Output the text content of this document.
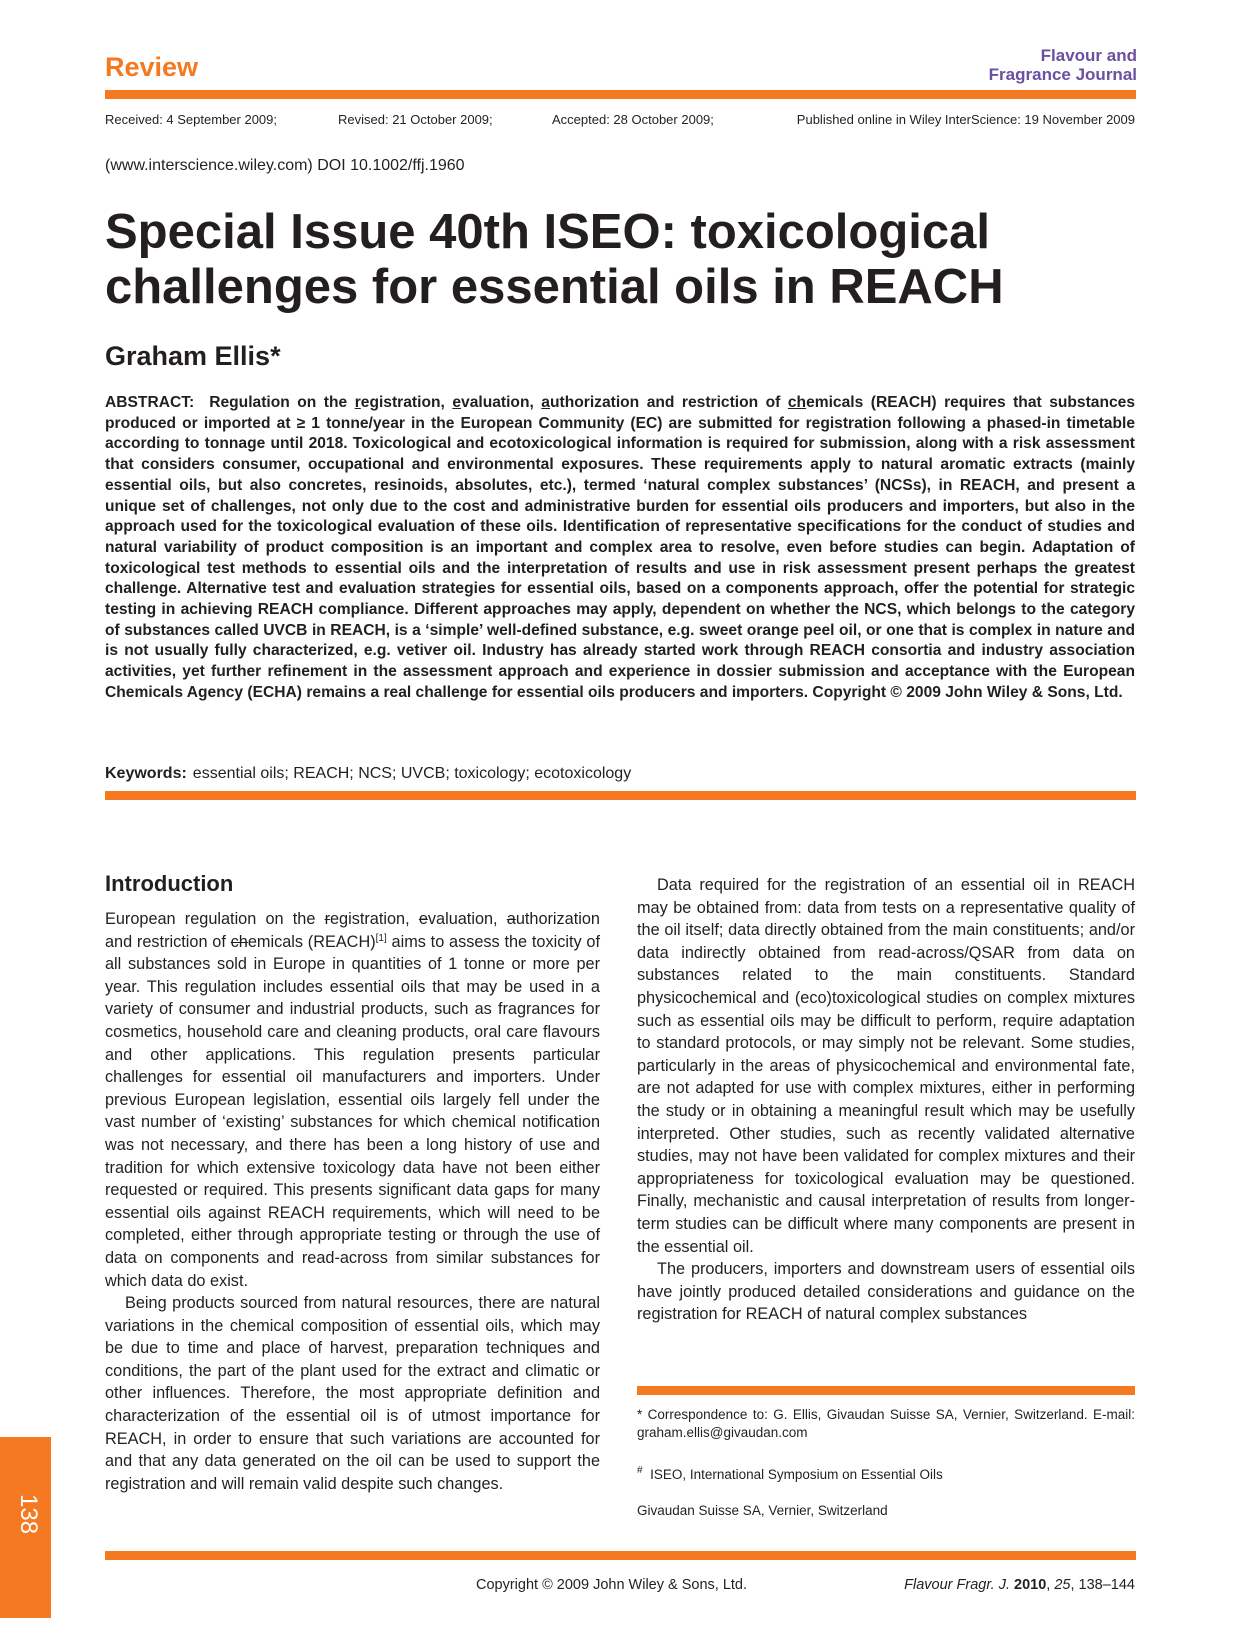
Review	Flavour and
Fragrance Journal
Received: 4 September 2009;	Revised: 21 October 2009;	Accepted: 28 October 2009;	Published online in Wiley InterScience: 19 November 2009
(www.interscience.wiley.com) DOI 10.1002/ffj.1960
Special Issue 40th ISEO: toxicological
challenges for essential oils in REACH
Graham Ellis*
ABSTRACT: Regulation on the registration, evaluation, authorization and restriction of chemicals (REACH) requires that substances produced or imported at ≥ 1 tonne/year in the European Community (EC) are submitted for registration following a phased-in timetable according to tonnage until 2018. Toxicological and ecotoxicological information is required for submission, along with a risk assessment that considers consumer, occupational and environmental exposures. These requirements apply to natural aromatic extracts (mainly essential oils, but also concretes, resinoids, absolutes, etc.), termed ‘natural complex substances’ (NCSs), in REACH, and present a unique set of challenges, not only due to the cost and administrative burden for essential oils producers and importers, but also in the approach used for the toxicological evaluation of these oils. Identification of representative specifications for the conduct of studies and natural variability of product composition is an important and complex area to resolve, even before studies can begin. Adaptation of toxicological test methods to essential oils and the interpretation of results and use in risk assessment present perhaps the greatest challenge. Alternative test and evaluation strategies for essential oils, based on a components approach, offer the potential for strategic testing in achieving REACH compliance. Different approaches may apply, dependent on whether the NCS, which belongs to the category of substances called UVCB in REACH, is a ‘simple’ well-defined substance, e.g. sweet orange peel oil, or one that is complex in nature and is not usually fully characterized, e.g. vetiver oil. Industry has already started work through REACH consortia and industry association activities, yet further refinement in the assessment approach and experience in dossier submission and acceptance with the European Chemicals Agency (ECHA) remains a real challenge for essential oils producers and importers. Copyright © 2009 John Wiley & Sons, Ltd.
Keywords: essential oils; REACH; NCS; UVCB; toxicology; ecotoxicology
Introduction

European regulation on the registration, evaluation, authorization and restriction of chemicals (REACH)[1] aims to assess the toxicity of all substances sold in Europe in quantities of 1 tonne or more per year. This regulation includes essential oils that may be used in a variety of consumer and industrial products, such as fragrances for cosmetics, household care and cleaning products, oral care flavours and other applications. This regulation presents particular challenges for essential oil manufacturers and importers. Under previous European legislation, essential oils largely fell under the vast number of ‘existing’ substances for which chemical notification was not necessary, and there has been a long history of use and tradition for which extensive toxicology data have not been either requested or required. This presents significant data gaps for many essential oils against REACH requirements, which will need to be completed, either through appropriate testing or through the use of data on components and read-across from similar substances for which data do exist.

Being products sourced from natural resources, there are natural variations in the chemical composition of essential oils, which may be due to time and place of harvest, preparation techniques and conditions, the part of the plant used for the extract and climatic or other influences. Therefore, the most appropriate definition and characterization of the essential oil is of utmost importance for REACH, in order to ensure that such variations are accounted for and that any data generated on the oil can be used to support the registration and will remain valid despite such changes.

Data required for the registration of an essential oil in REACH may be obtained from: data from tests on a representative quality of the oil itself; data directly obtained from the main constituents; and/or data indirectly obtained from read-across/QSAR from data on substances related to the main constituents. Standard physicochemical and (eco)toxicological studies on complex mixtures such as essential oils may be difficult to perform, require adaptation to standard protocols, or may simply not be relevant. Some studies, particularly in the areas of physicochemical and environmental fate, are not adapted for use with complex mixtures, either in performing the study or in obtaining a meaningful result which may be usefully interpreted. Other studies, such as recently validated alternative studies, may not have been validated for complex mixtures and their appropriateness for toxicological evaluation may be questioned. Finally, mechanistic and causal interpretation of results from longer-term studies can be difficult where many components are present in the essential oil.

The producers, importers and downstream users of essential oils have jointly produced detailed considerations and guidance on the registration for REACH of natural complex substances

* Correspondence to: G. Ellis, Givaudan Suisse SA, Vernier, Switzerland. E-mail: graham.ellis@givaudan.com
# ISEO, International Symposium on Essential Oils
Givaudan Suisse SA, Vernier, Switzerland
138
Copyright © 2009 John Wiley & Sons, Ltd.	Flavour Fragr. J. 2010, 25, 138–144
